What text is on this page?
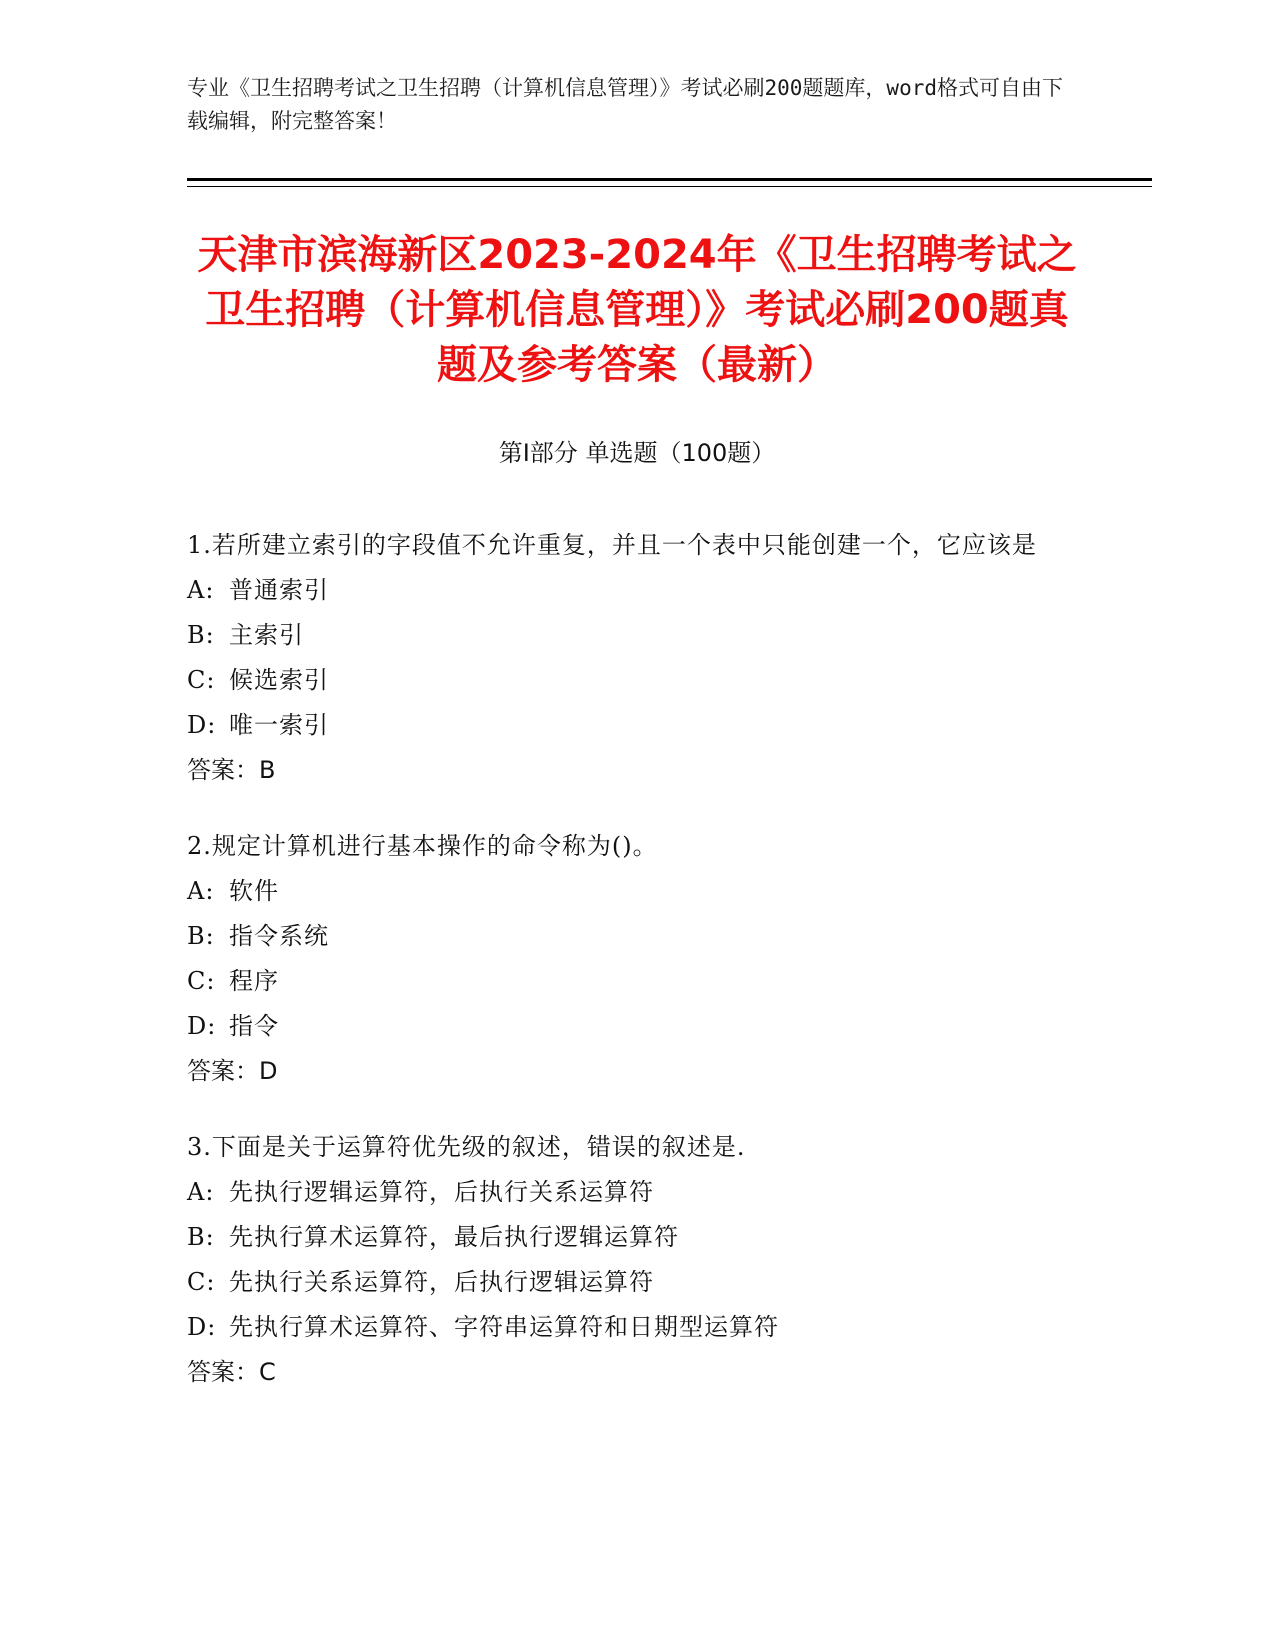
专业《卫生招聘考试之卫生招聘（计算机信息管理）》考试必刷200题题库，word格式可自由下载编辑，附完整答案！
天津市滨海新区2023-2024年《卫生招聘考试之卫生招聘（计算机信息管理）》考试必刷200题真题及参考答案（最新）
第Ⅰ部分 单选题（100题）
1.若所建立索引的字段值不允许重复，并且一个表中只能创建一个，它应该是
A: 普通索引
B: 主索引
C: 候选索引
D: 唯一索引
答案：B
2.规定计算机进行基本操作的命令称为()。
A: 软件
B: 指令系统
C: 程序
D: 指令
答案：D
3.下面是关于运算符优先级的叙述，错误的叙述是.
A: 先执行逻辑运算符，后执行关系运算符
B: 先执行算术运算符，最后执行逻辑运算符
C: 先执行关系运算符，后执行逻辑运算符
D: 先执行算术运算符、字符串运算符和日期型运算符
答案：C
